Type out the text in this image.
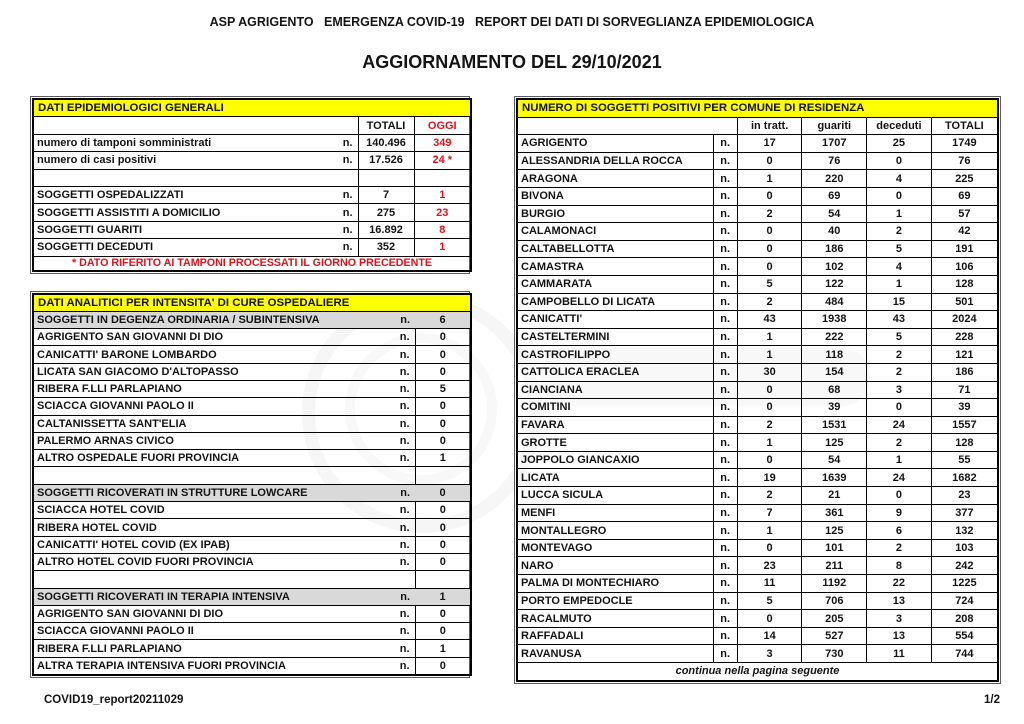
ASP AGRIGENTO   EMERGENZA COVID-19   REPORT DEI DATI DI SORVEGLIANZA EPIDEMIOLOGICA
AGGIORNAMENTO DEL 29/10/2021
DATI EPIDEMIOLOGICI GENERALI		
	TOTALI	OGGI

numero di tamponi somministrati n.	140.496	349

numero di casi positivi n.	17.526	24 *

SOGGETTI OSPEDALIZZATI n.	7	1

SOGGETTI ASSISTITI A DOMICILIO n.	275	23

SOGGETTI GUARITI n.	16.892	8

SOGGETTI DECEDUTI n.	352	1
* DATO RIFERITO AI TAMPONI PROCESSATI IL GIORNO PRECEDENTE		
DATI ANALITICI PER INTENSITA' DI CURE OSPEDALIERE	

SOGGETTI IN DEGENZA ORDINARIA / SUBINTENSIVA n.	6

AGRIGENTO SAN GIOVANNI DI DIO n.	0

CANICATTI' BARONE LOMBARDO n.	0

LICATA SAN GIACOMO D'ALTOPASSO n.	0

RIBERA F.LLI PARLAPIANO n.	5

SCIACCA GIOVANNI PAOLO II n.	0

CALTANISSETTA SANT'ELIA n.	0

PALERMO ARNAS CIVICO n.	0

ALTRO OSPEDALE FUORI PROVINCIA n.	1

SOGGETTI RICOVERATI IN STRUTTURE LOWCARE n.	0

SCIACCA HOTEL COVID n.	0

RIBERA HOTEL COVID n.	0

CANICATTI' HOTEL COVID (EX IPAB) n.	0

ALTRO HOTEL COVID FUORI PROVINCIA n.	0

SOGGETTI RICOVERATI IN TERAPIA INTENSIVA n.	1

AGRIGENTO SAN GIOVANNI DI DIO n.	0

SCIACCA GIOVANNI PAOLO II n.	0

RIBERA F.LLI PARLAPIANO n.	1

ALTRA TERAPIA INTENSIVA FUORI PROVINCIA n.	0
NUMERO DI SOGGETTI POSITIVI PER COMUNE DI RESIDENZA					
		in tratt.	guariti	deceduti	TOTALI
AGRIGENTO	n.	17	1707	25	1749
ALESSANDRIA DELLA ROCCA	n.	0	76	0	76
ARAGONA	n.	1	220	4	225
BIVONA	n.	0	69	0	69
BURGIO	n.	2	54	1	57
CALAMONACI	n.	0	40	2	42
CALTABELLOTTA	n.	0	186	5	191
CAMASTRA	n.	0	102	4	106
CAMMARATA	n.	5	122	1	128
CAMPOBELLO DI LICATA	n.	2	484	15	501
CANICATTI'	n.	43	1938	43	2024
CASTELTERMINI	n.	1	222	5	228
CASTROFILIPPO	n.	1	118	2	121
CATTOLICA ERACLEA	n.	30	154	2	186
CIANCIANA	n.	0	68	3	71
COMITINI	n.	0	39	0	39
FAVARA	n.	2	1531	24	1557
GROTTE	n.	1	125	2	128
JOPPOLO GIANCAXIO	n.	0	54	1	55
LICATA	n.	19	1639	24	1682
LUCCA SICULA	n.	2	21	0	23
MENFI	n.	7	361	9	377
MONTALLEGRO	n.	1	125	6	132
MONTEVAGO	n.	0	101	2	103
NARO	n.	23	211	8	242
PALMA DI MONTECHIARO	n.	11	1192	22	1225
PORTO EMPEDOCLE	n.	5	706	13	724
RACALMUTO	n.	0	205	3	208
RAFFADALI	n.	14	527	13	554
RAVANUSA	n.	3	730	11	744
continua nella pagina seguente					
COVID19_report20211029	1/2
